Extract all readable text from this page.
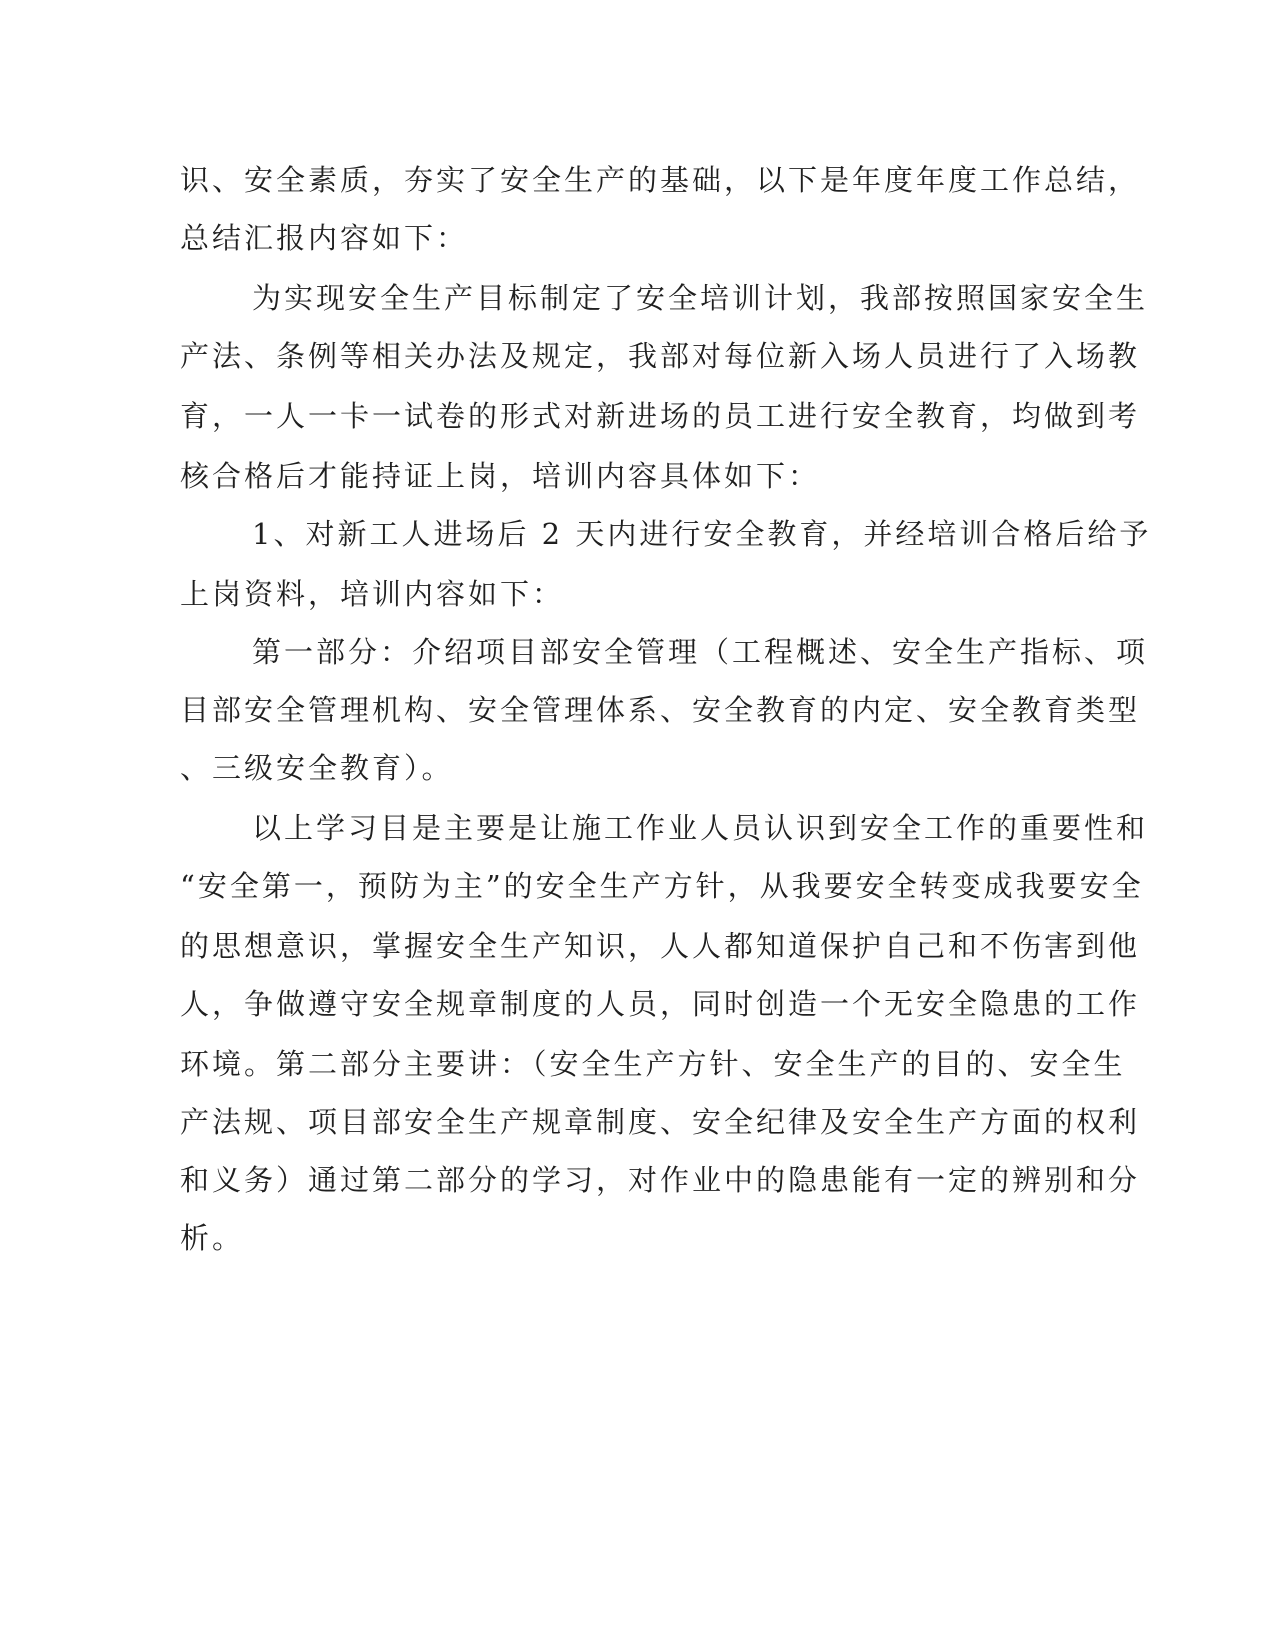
识、安全素质，夯实了安全生产的基础，以下是年度年度工作总结，

总结汇报内容如下：

为实现安全生产目标制定了安全培训计划，我部按照国家安全生

产法、条例等相关办法及规定，我部对每位新入场人员进行了入场教

育，一人一卡一试卷的形式对新进场的员工进行安全教育，均做到考

核合格后才能持证上岗，培训内容具体如下：

1、对新工人进场后 2 天内进行安全教育，并经培训合格后给予

上岗资料，培训内容如下：

第一部分：介绍项目部安全管理（工程概述、安全生产指标、项

目部安全管理机构、安全管理体系、安全教育的内定、安全教育类型

、三级安全教育）。

以上学习目是主要是让施工作业人员认识到安全工作的重要性和

“安全第一，预防为主”的安全生产方针，从我要安全转变成我要安全

的思想意识，掌握安全生产知识，人人都知道保护自己和不伤害到他

人，争做遵守安全规章制度的人员，同时创造一个无安全隐患的工作

环境。第二部分主要讲：（安全生产方针、安全生产的目的、安全生

产法规、项目部安全生产规章制度、安全纪律及安全生产方面的权利

和义务）通过第二部分的学习，对作业中的隐患能有一定的辨别和分

析。
